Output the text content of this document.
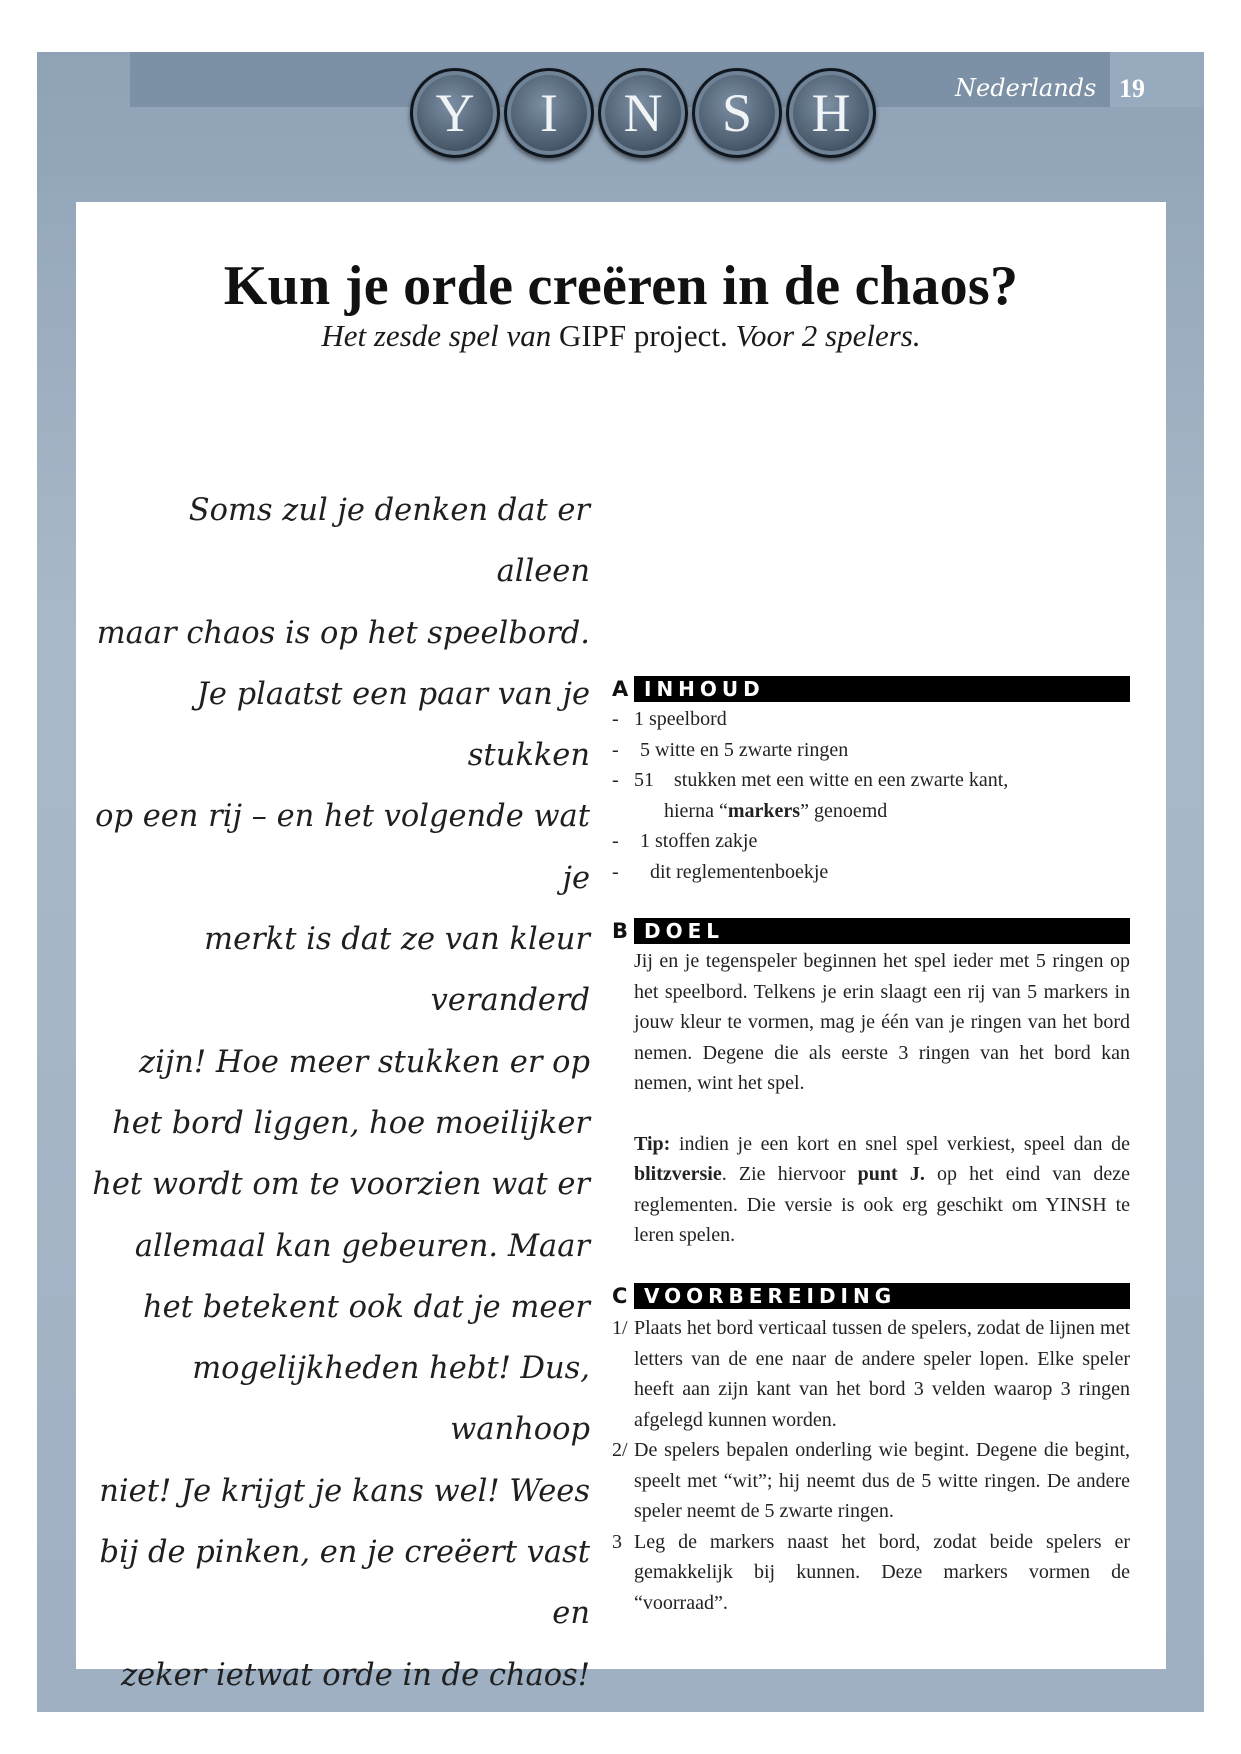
Nederlands 19
Y	I	N	S	H
Kun je orde creëren in de chaos?
Het zesde spel van GIPF project. Voor 2 spelers.
Soms zul je denken dat er alleen
maar chaos is op het speelbord.
Je plaatst een paar van je stukken
op een rij – en het volgende wat je
merkt is dat ze van kleur veranderd
zijn! Hoe meer stukken er op
het bord liggen, hoe moeilijker
het wordt om te voorzien wat er
allemaal kan gebeuren. Maar
het betekent ook dat je meer
mogelijkheden hebt! Dus, wanhoop
niet! Je krijgt je kans wel! Wees
bij de pinken, en je creëert vast en
zeker ietwat orde in de chaos!
A INHOUD
- 1 speelbord
-	5 witte en 5 zwarte ringen
- 51    stukken met een witte en een zwarte kant,
hierna “ markers ” genoemd
-	1 stoffen zakje
-	dit reglementenboekje
B DOEL

Jij en je tegenspeler beginnen het spel ieder met 5 ringen op het speelbord. Telkens je erin slaagt een rij van 5 markers in jouw kleur te vormen, mag je één van je ringen van het bord nemen. Degene die als eerste 3 ringen van het bord kan nemen, wint het spel.

Tip: indien je een kort en snel spel verkiest, speel dan de blitzversie. Zie hiervoor punt J. op het eind van deze reglementen. Die versie is ook erg geschikt om YINSH te leren spelen.

C VOORBEREIDING
1/ Plaats het bord verticaal tussen de spelers, zodat de lijnen met letters van de ene naar de andere speler lopen. Elke speler heeft aan zijn kant van het bord 3 velden waarop 3 ringen afgelegd kunnen worden.
2/ De spelers bepalen onderling wie begint. Degene die begint, speelt met “wit”; hij neemt dus de 5 witte ringen. De andere speler neemt de 5 zwarte ringen.
3 Leg de markers naast het bord, zodat beide spelers er gemakkelijk bij kunnen. Deze markers vormen de “voorraad”.
